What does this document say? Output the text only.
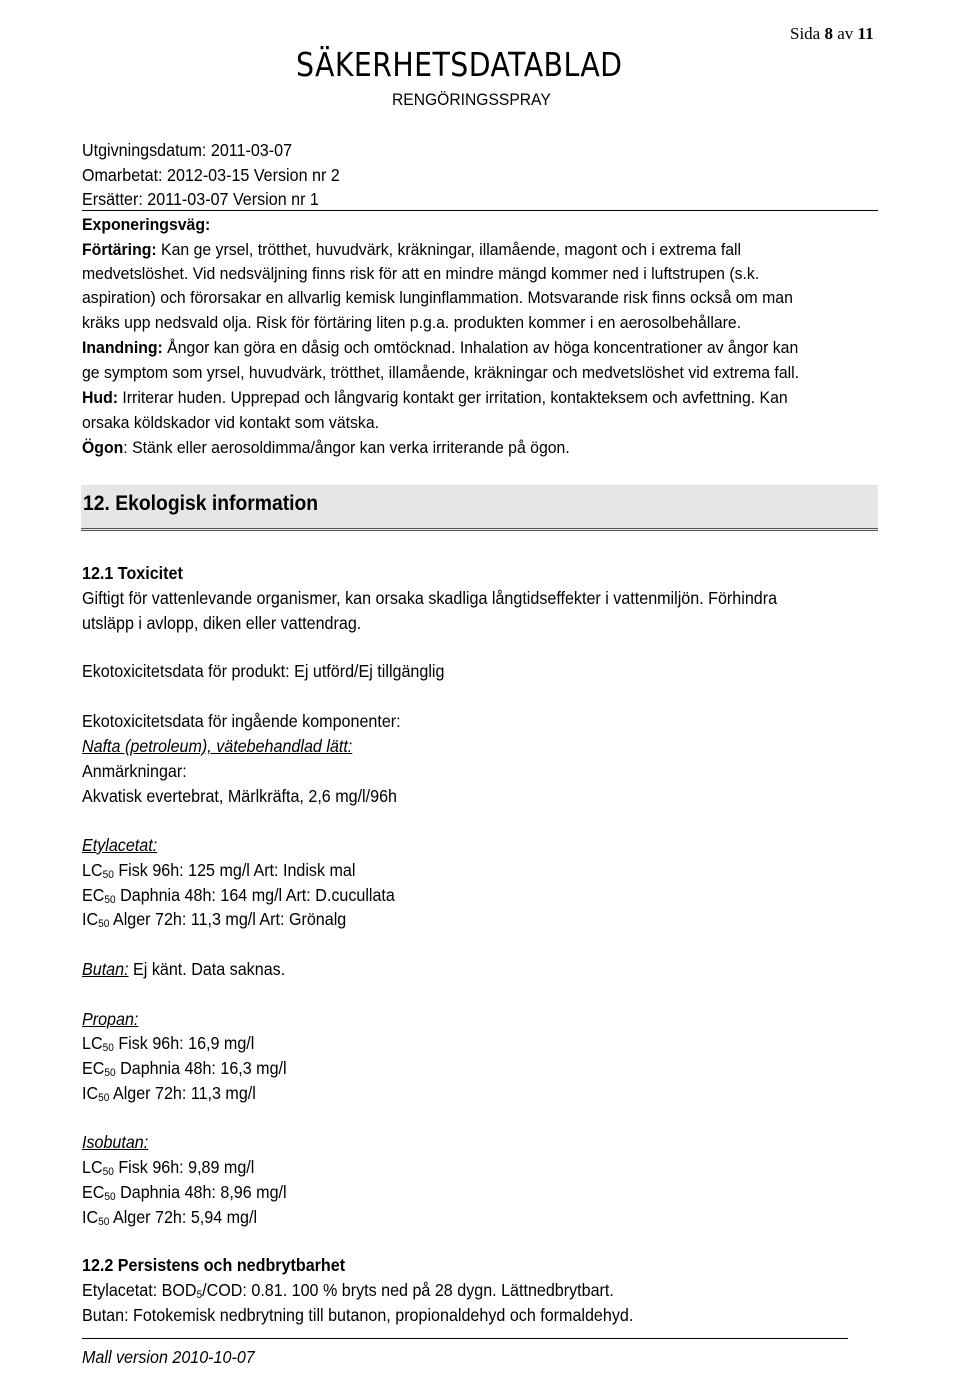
Sida 8 av 11
SÄKERHETSDATABLAD
RENGÖRINGSSPRAY
Utgivningsdatum: 2011-03-07
Omarbetat: 2012-03-15 Version nr 2
Ersätter: 2011-03-07 Version nr 1
Exponeringsväg:
Förtäring: Kan ge yrsel, trötthet, huvudvärk, kräkningar, illamående, magont och i extrema fall
medvetslöshet. Vid nedsväljning finns risk för att en mindre mängd kommer ned i luftstrupen (s.k.
aspiration) och förorsakar en allvarlig kemisk lunginflammation. Motsvarande risk finns också om man
kräks upp nedsvald olja. Risk för förtäring liten p.g.a. produkten kommer i en aerosolbehållare.
Inandning: Ångor kan göra en dåsig och omtöcknad. Inhalation av höga koncentrationer av ångor kan
ge symptom som yrsel, huvudvärk, trötthet, illamående, kräkningar och medvetslöshet vid extrema fall.
Hud: Irriterar huden. Upprepad och långvarig kontakt ger irritation, kontakteksem och avfettning. Kan
orsaka köldskador vid kontakt som vätska.
Ögon: Stänk eller aerosoldimma/ångor kan verka irriterande på ögon.
12. Ekologisk information
12.1 Toxicitet
Giftigt för vattenlevande organismer, kan orsaka skadliga långtidseffekter i vattenmiljön. Förhindra
utsläpp i avlopp, diken eller vattendrag.
Ekotoxicitetsdata för produkt: Ej utförd/Ej tillgänglig
Ekotoxicitetsdata för ingående komponenter:
Nafta (petroleum), vätebehandlad lätt:
Anmärkningar:
Akvatisk evertebrat, Märlkräfta, 2,6 mg/l/96h
Etylacetat:
$LC_{50}$ Fisk 96h: 125 mg/l Art: Indisk mal
$EC_{50}$ Daphnia 48h: 164 mg/l Art: D.cucullata
$IC_{50}$ Alger 72h: 11,3 mg/l Art: Grönalg
Butan: Ej känt. Data saknas.
Propan:
$LC_{50}$ Fisk 96h: 16,9 mg/l
$EC_{50}$ Daphnia 48h: 16,3 mg/l
$IC_{50}$ Alger 72h: 11,3 mg/l
Isobutan:
$LC_{50}$ Fisk 96h: 9,89 mg/l
$EC_{50}$ Daphnia 48h: 8,96 mg/l
$IC_{50}$ Alger 72h: 5,94 mg/l
12.2 Persistens och nedbrytbarhet
Etylacetat: $BOD_5$/COD: 0.81. 100 % bryts ned på 28 dygn. Lättnedbrytbart.
Butan: Fotokemisk nedbrytning till butanon, propionaldehyd och formaldehyd.
Mall version 2010-10-07
